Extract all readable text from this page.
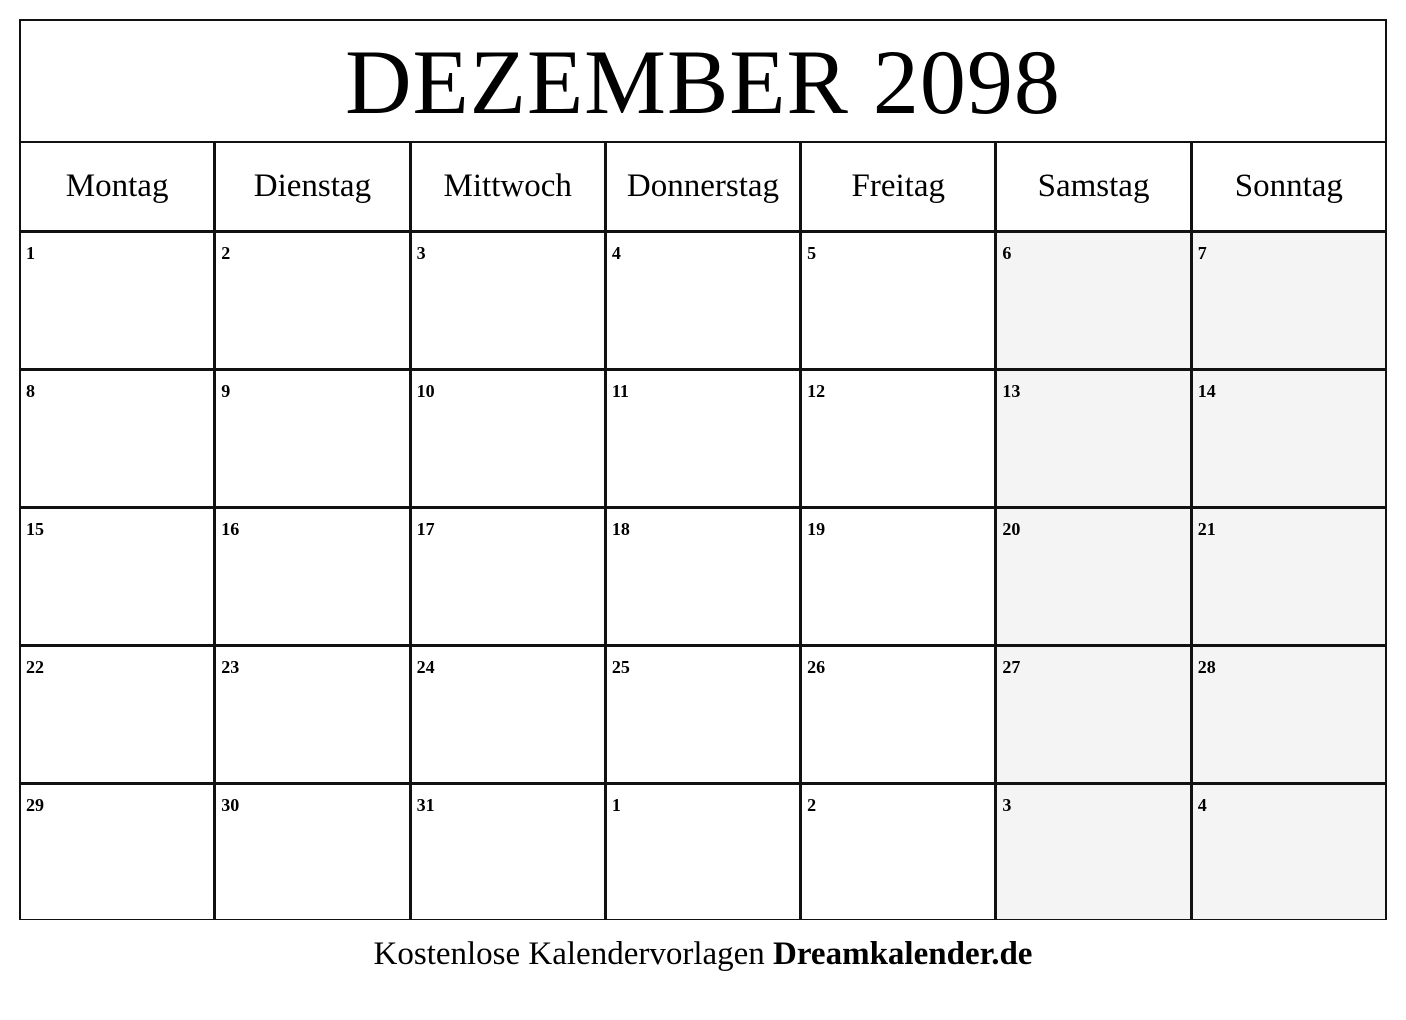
DEZEMBER 2098
Montag	Dienstag	Mittwoch	Donnerstag	Freitag	Samstag	Sonntag
1	2	3	4	5	6	7
8	9	10	11	12	13	14
15	16	17	18	19	20	21
22	23	24	25	26	27	28
29	30	31	1	2	3	4
Kostenlose Kalendervorlagen Dreamkalender.de
